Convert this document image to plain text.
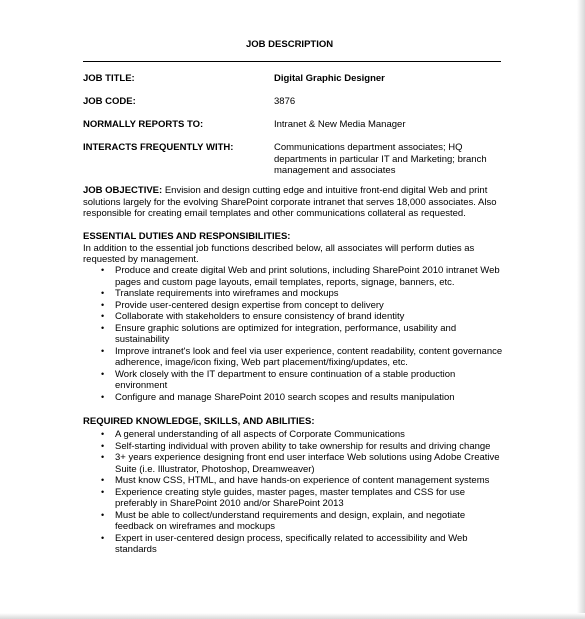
JOB DESCRIPTION
JOB TITLE:	Digital Graphic Designer
JOB CODE:	3876
NORMALLY REPORTS TO:	Intranet & New Media Manager
INTERACTS FREQUENTLY WITH:	Communications department associates; HQ departments in particular IT and Marketing; branch management and associates
JOB OBJECTIVE: Envision and design cutting edge and intuitive front-end digital Web and print solutions largely for the evolving SharePoint corporate intranet that serves 18,000 associates. Also responsible for creating email templates and other communications collateral as requested.
ESSENTIAL DUTIES AND RESPONSIBILITIES:
In addition to the essential job functions described below, all associates will perform duties as requested by management.
• Produce and create digital Web and print solutions, including SharePoint 2010 intranet Web pages and custom page layouts, email templates, reports, signage, banners, etc.
• Translate requirements into wireframes and mockups
• Provide user-centered design expertise from concept to delivery
• Collaborate with stakeholders to ensure consistency of brand identity
• Ensure graphic solutions are optimized for integration, performance, usability and sustainability
• Improve intranet's look and feel via user experience, content readability, content governance adherence, image/icon fixing, Web part placement/fixing/updates, etc.
• Work closely with the IT department to ensure continuation of a stable production environment
• Configure and manage SharePoint 2010 search scopes and results manipulation
REQUIRED KNOWLEDGE, SKILLS, AND ABILITIES:
• A general understanding of all aspects of Corporate Communications
• Self-starting individual with proven ability to take ownership for results and driving change
• 3+ years experience designing front end user interface Web solutions using Adobe Creative Suite (i.e. Illustrator, Photoshop, Dreamweaver)
• Must know CSS, HTML, and have hands-on experience of content management systems
• Experience creating style guides, master pages, master templates and CSS for use preferably in SharePoint 2010 and/or SharePoint 2013
• Must be able to collect/understand requirements and design, explain, and negotiate feedback on wireframes and mockups
• Expert in user-centered design process, specifically related to accessibility and Web standards
